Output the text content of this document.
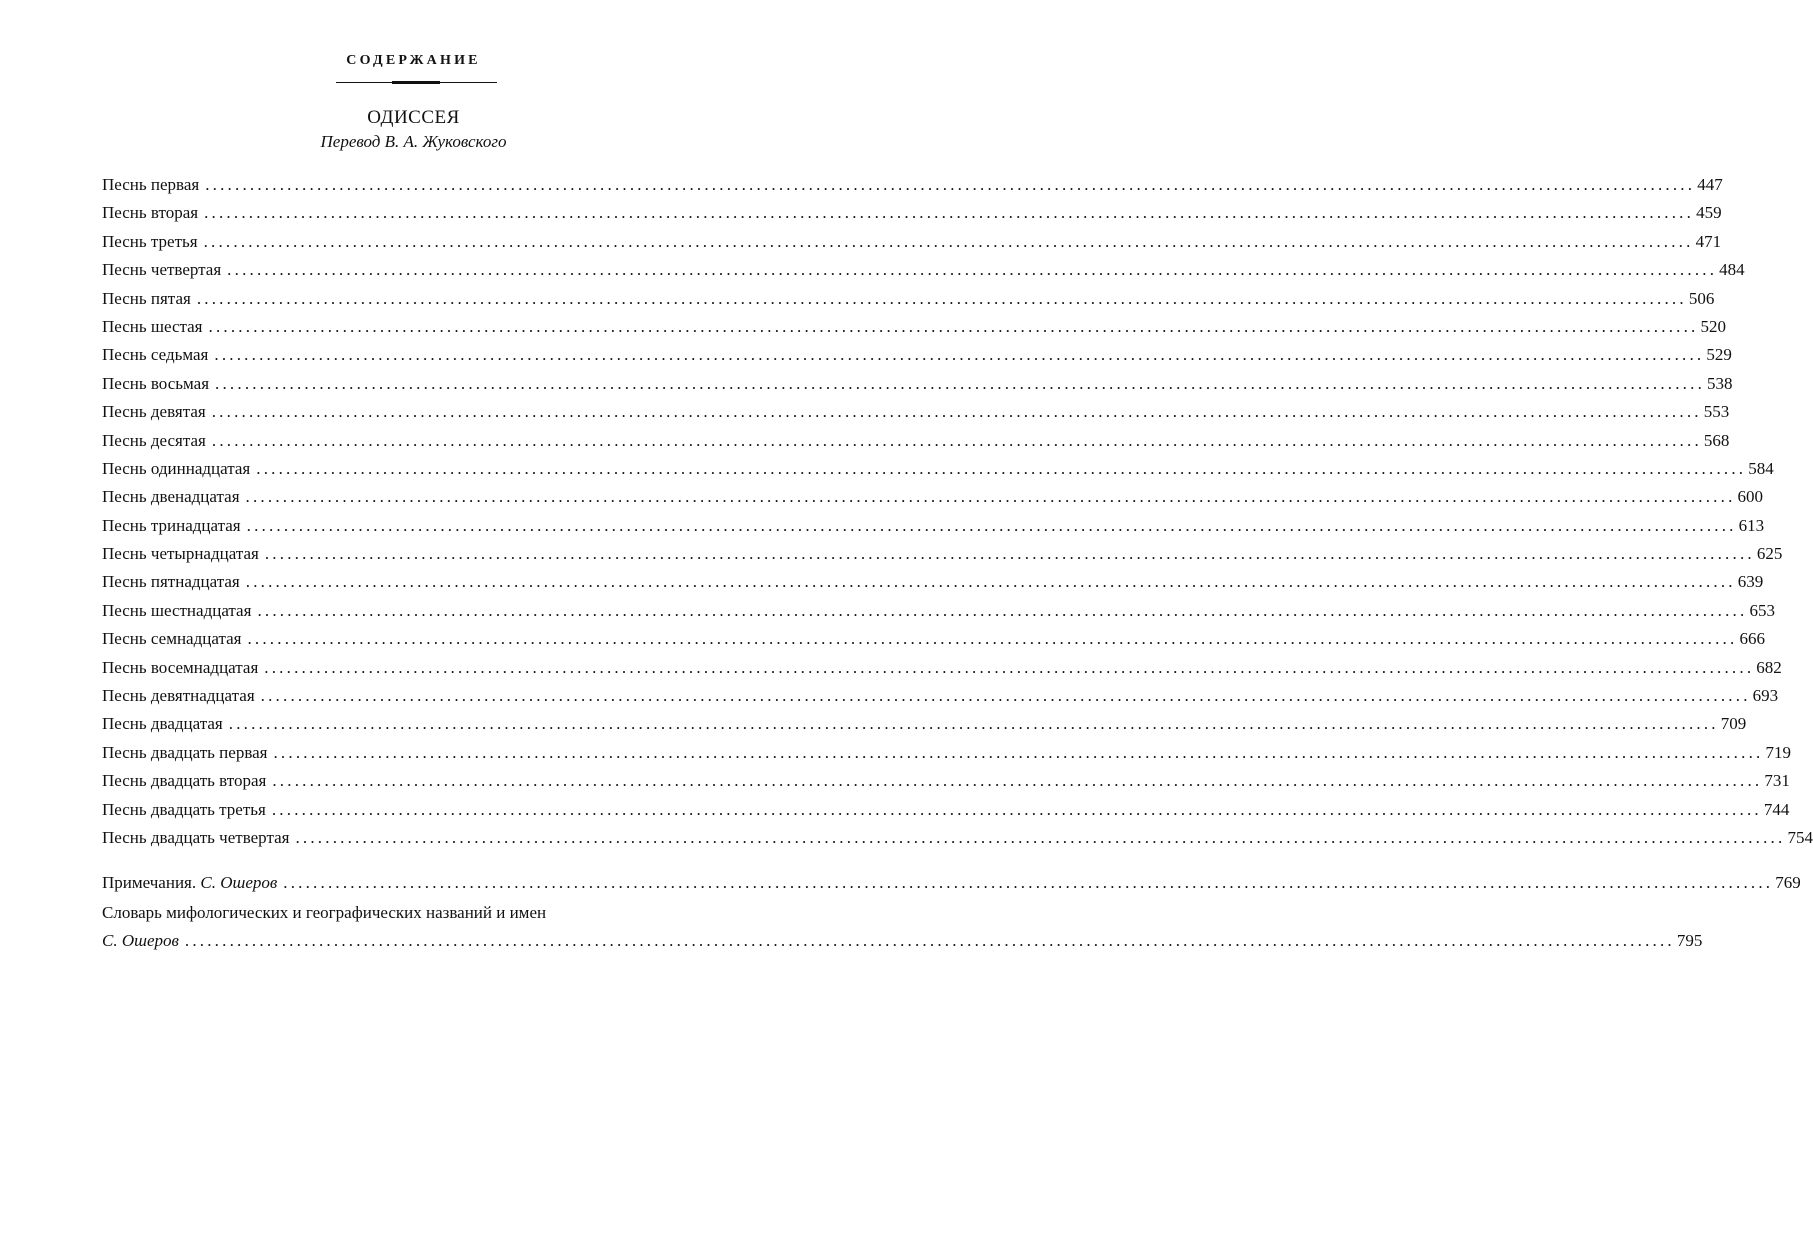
СОДЕРЖАНИЕ
ОДИССЕЯ
Перевод В. А. Жуковского
Песнь первая ........................................................................................................................................................................................................ 447
Песнь вторая ........................................................................................................................................................................................................ 459
Песнь третья ........................................................................................................................................................................................................ 471
Песнь четвертая ........................................................................................................................................................................................................ 484
Песнь пятая ........................................................................................................................................................................................................ 506
Песнь шестая ........................................................................................................................................................................................................ 520
Песнь седьмая ........................................................................................................................................................................................................ 529
Песнь восьмая ........................................................................................................................................................................................................ 538
Песнь девятая ........................................................................................................................................................................................................ 553
Песнь десятая ........................................................................................................................................................................................................ 568
Песнь одиннадцатая ........................................................................................................................................................................................................ 584
Песнь двенадцатая ........................................................................................................................................................................................................ 600
Песнь тринадцатая ........................................................................................................................................................................................................ 613
Песнь четырнадцатая ........................................................................................................................................................................................................ 625
Песнь пятнадцатая ........................................................................................................................................................................................................ 639
Песнь шестнадцатая ........................................................................................................................................................................................................ 653
Песнь семнадцатая ........................................................................................................................................................................................................ 666
Песнь восемнадцатая ........................................................................................................................................................................................................ 682
Песнь девятнадцатая ........................................................................................................................................................................................................ 693
Песнь двадцатая ........................................................................................................................................................................................................ 709
Песнь двадцать первая ........................................................................................................................................................................................................ 719
Песнь двадцать вторая ........................................................................................................................................................................................................ 731
Песнь двадцать третья ........................................................................................................................................................................................................ 744
Песнь двадцать четвертая ........................................................................................................................................................................................................ 754
Примечания. С. Ошеров ........................................................................................................................................................................................................ 769
Словарь мифологических и географических названий и имен
С. Ошеров ........................................................................................................................................................................................................ 795
